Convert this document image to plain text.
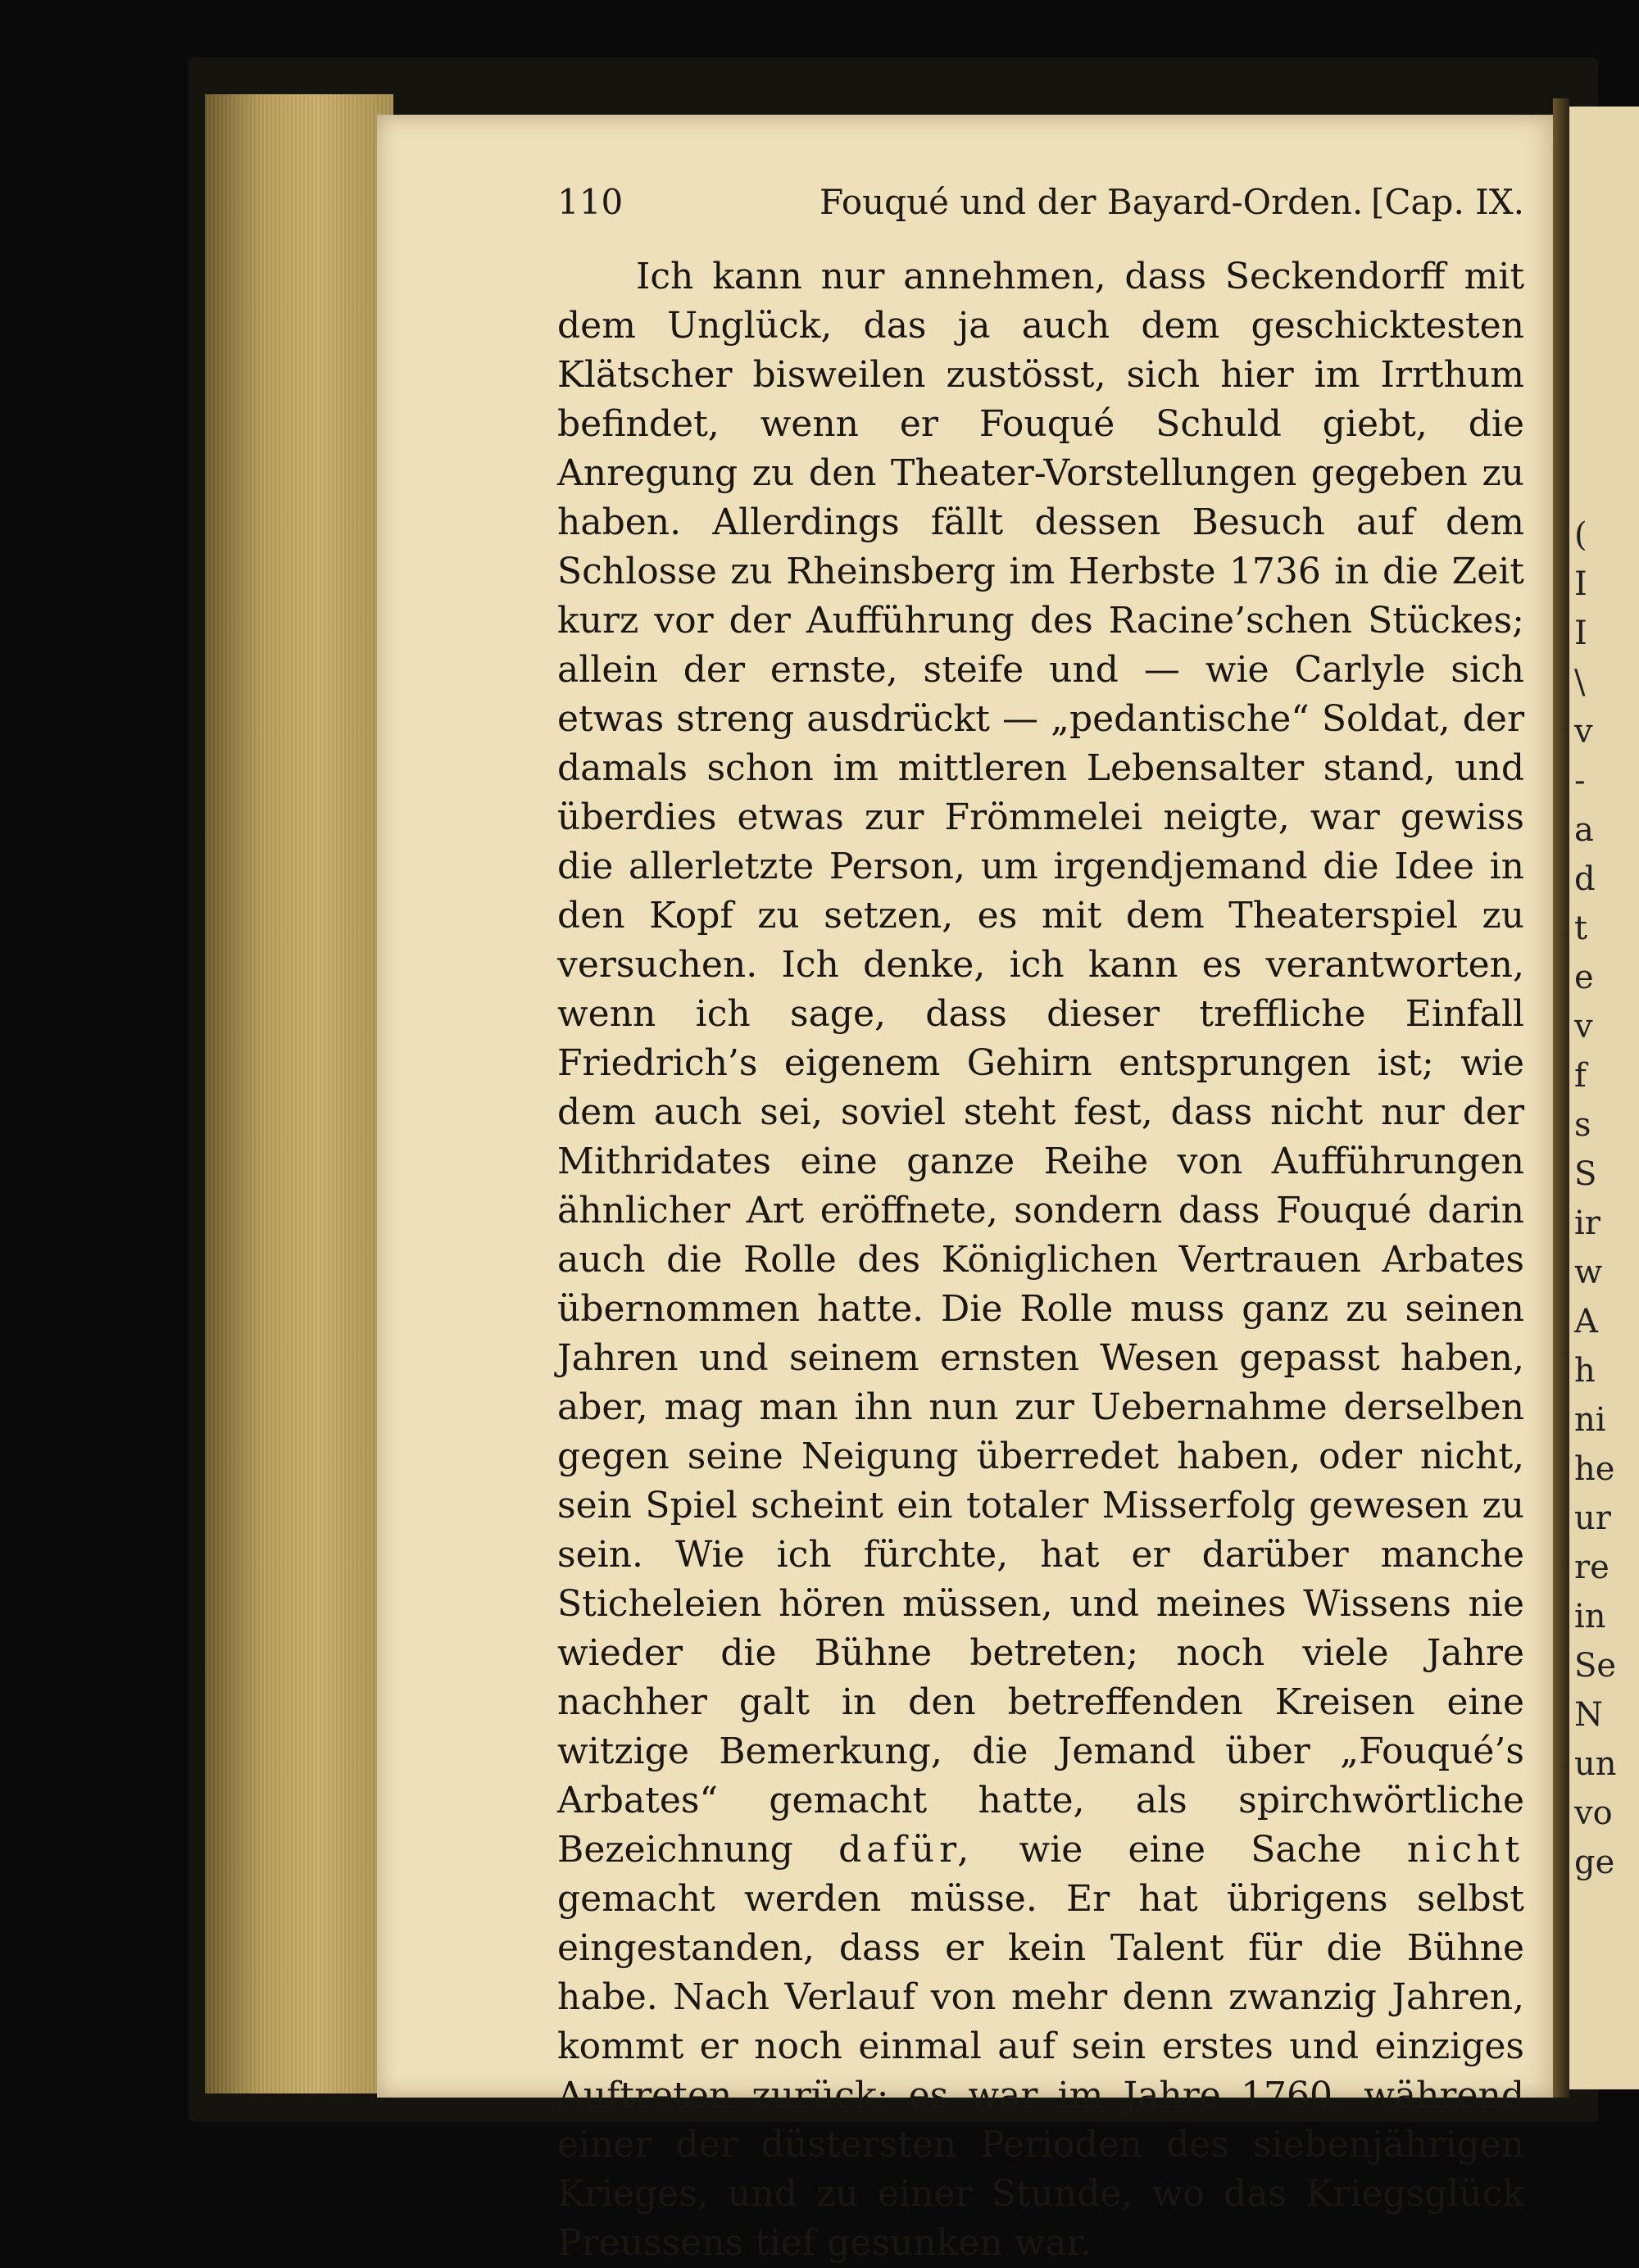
(
I
I
\
v
-
a
d
t
e
v
f
s
S
ir
w
A
h
ni
he
ur
re
in
Se
N
un
vo
ge
110	Fouqué und der Bayard-Orden. [Cap. IX.

Ich kann nur annehmen, dass Seckendorff mit dem Unglück, das ja auch dem geschicktesten Klätscher bisweilen zustösst, sich hier im Irrthum befindet, wenn er Fouqué Schuld giebt, die Anregung zu den Theater-Vorstellungen gegeben zu haben. Allerdings fällt dessen Besuch auf dem Schlosse zu Rheinsberg im Herbste 1736 in die Zeit kurz vor der Aufführung des Racine’schen Stückes; allein der ernste, steife und — wie Carlyle sich etwas streng ausdrückt — „pedantische“ Soldat, der damals schon im mittleren Lebensalter stand, und überdies etwas zur Frömmelei neigte, war gewiss die allerletzte Person, um irgendjemand die Idee in den Kopf zu setzen, es mit dem Theaterspiel zu versuchen. Ich denke, ich kann es verantworten, wenn ich sage, dass dieser treffliche Einfall Friedrich’s eigenem Gehirn entsprungen ist; wie dem auch sei, soviel steht fest, dass nicht nur der Mithridates eine ganze Reihe von Aufführungen ähnlicher Art eröffnete, sondern dass Fouqué darin auch die Rolle des Königlichen Vertrauen Arbates übernommen hatte. Die Rolle muss ganz zu seinen Jahren und seinem ernsten Wesen gepasst haben, aber, mag man ihn nun zur Uebernahme derselben gegen seine Neigung überredet haben, oder nicht, sein Spiel scheint ein totaler Misserfolg gewesen zu sein. Wie ich fürchte, hat er darüber manche Sticheleien hören müssen, und meines Wissens nie wieder die Bühne betreten; noch viele Jahre nachher galt in den betreffenden Kreisen eine witzige Bemerkung, die Jemand über „Fouqué’s Arbates“ gemacht hatte, als spirchwörtliche Bezeichnung dafür, wie eine Sache nicht gemacht werden müsse. Er hat übrigens selbst eingestanden, dass er kein Talent für die Bühne habe. Nach Verlauf von mehr denn zwanzig Jahren, kommt er noch einmal auf sein erstes und einziges Auftreten zurück; es war im Jahre 1760, während einer der düstersten Perioden des siebenjährigen Krieges, und zu einer Stunde, wo das Kriegsglück Preussens tief gesunken war.
